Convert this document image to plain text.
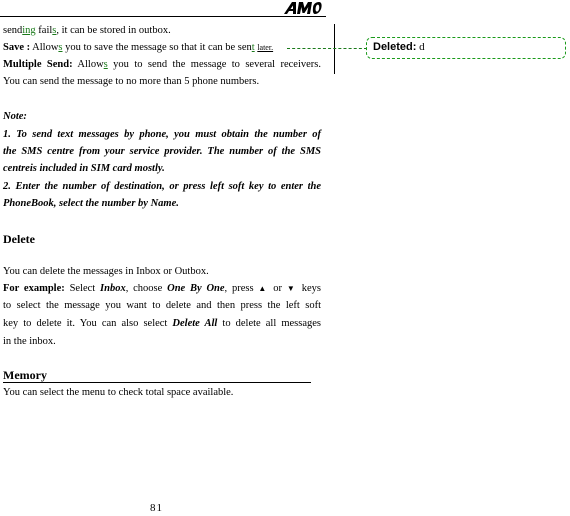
sending fails, it can be stored in outbox.
Save : Allows you to save the message so that it can be sent later.
Multiple Send: Allows you to send the message to several receivers.
You can send the message to no more than 5 phone numbers.
Deleted: d
Note:
1. To send text messages by phone, you must obtain the number of
the SMS centre from your service provider. The number of the SMS
centreis included in SIM card mostly.
2. Enter the number of destination, or press left soft key to enter the
PhoneBook, select the number by Name.
Delete
You can delete the messages in Inbox or Outbox.
For example: Select Inbox, choose One By One, press ▲ or ▼ keys
to select the message you want to delete and then press the left soft
key to delete it. You can also select Delete All to delete all messages
in the inbox.
Memory
You can select the menu to check total space available.
81
